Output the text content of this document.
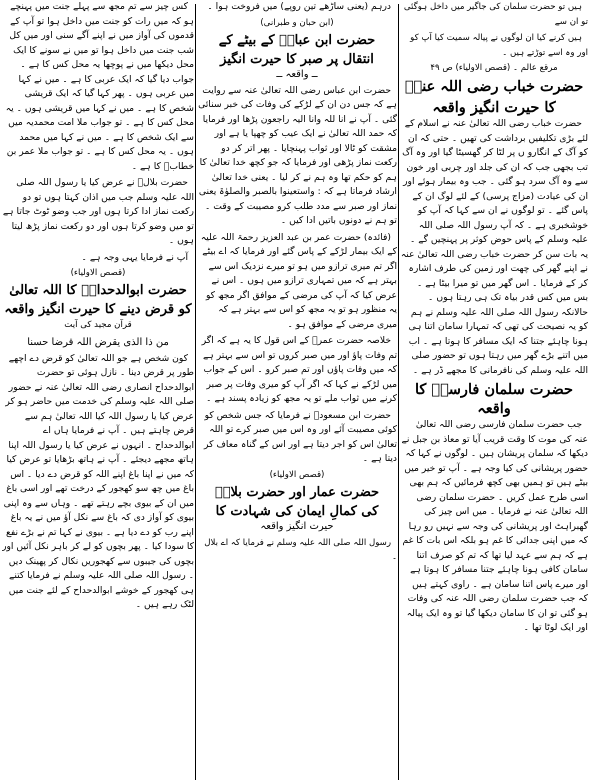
ہیں تو حضرت سلمان کی جاگیر میں داخل ہوگئی تو ان سے

ہیں کرنے کیا ان لوگوں نے پیالہ سمیت کیا آپ کو اور وہ اسے توڑتے ہیں ۔

مرقع عالم ۔ (قصص الاولیاء) ص ۴۹

حضرت خباب رضی اللہ عنہٗ
کا حیرت انگیز واقعہ

حضرت خباب رضی اللہ تعالیٰ عنہ نے اسلام کے لئے بڑی تکلیفیں برداشت کی تھیں ۔ حتی کہ ان کو آگ کے انگارو ں پر لٹا کر گھسیٹا گیا اور وہ آگ تب بجھی جب کہ ان کی جلد اور چربی اور خون سے وہ آگ سرد ہو گئی ۔ جب وہ بیمار ہوئے اور ان کی عیادت (مزاج پرسی) کے لئے لوگ ان کے پاس گئے ۔ تو لوگوں نے ان سے کہا کہ آپ کو خوشخبری ہے ۔ کہ آپ رسول اللہ صلی اللہ علیہ وسلم کے پاس حوض کوثر پر پہنچیں گے ۔ یہ بات سن کر حضرت خباب رضی اللہ تعالیٰ عنہ نے اپنے گھر کی چھت اور زمین کی طرف اشارہ کر کے فرمایا ۔ اس گھر میں تو میرا بیٹا ہے ۔ بس میں کس قدر بیاہ تک ہی رہتا ہوں ۔ حالانکہ رسول اللہ صلی اللہ علیہ وسلم نے ہم کو یہ نصیحت کی تھی کہ تمہارا سامان اتنا ہی ہونا چاہئے جتنا کہ ایک مسافر کا ہوتا ہے ۔ اب میں اتنے بڑے گھر میں رہتا ہوں تو حضور صلی اللہ علیہ وسلم کی نافرمانی کا مجھے ڈر ہے ۔

حضرت سلمان فارسیؓ کا واقعہ

جب حضرت سلمان فارسی رضی اللہ تعالیٰ عنہ کی موت کا وقت قریب آیا تو معاذ بن جبل نے دیکھا کہ سلمان پریشان ہیں ۔ لوگوں نے کہا کہ حضور پریشانی کی کیا وجہ ہے ۔ آپ تو خیر میں بیٹے ہیں تو ہمیں بھی کچھ فرمائیں کہ ہم بھی اسی طرح عمل کریں ۔ حضرت سلمان رضی اللہ تعالیٰ عنہ نے فرمایا ۔ میں اس چیز کی گھبراہٹ اور پریشانی کی وجہ سے نہیں رو رہا کہ میں اپنی جدائی کا غم ہو بلکہ اس بات کا غم ہے کہ ہم سے عہد لیا تھا کہ تم کو صرف اتنا سامان کافی ہونا چاہئے جتنا مسافر کا ہوتا ہے اور میرے پاس اتنا سامان ہے ۔ راوی کہتے ہیں کہ جب حضرت سلمان رضی اللہ عنہ کی وفات ہو گئی تو ان کا سامان دیکھا گیا تو وہ ایک پیالہ اور ایک لوٹا تھا ۔

درہم (یعنی ساڑھے تین روپے) میں فروخت ہوا ۔

(ابن حبان و طبرانی)

حضرت ابن عباسؓ کے بیٹے کے
انتقال پر صبر کا حیرت انگیز

ــ واقعہ ــ

حضرت ابن عباس رضی اللہ تعالیٰ عنہ سے روایت ہے کہ جس دن ان کے لڑکے کی وفات کی خبر سنائی گئی ۔ آپ نے انا للہ وانا الیہ راجعون پڑھا اور فرمایا کہ حمد اللہ تعالیٰ نے ایک عیب کو چھپا یا ہے اور مشقت کو ٹالا اور ثواب پہنچایا ۔ پھر اتر کر دو رکعت نماز پڑھی اور فرمایا کہ جو کچھ خدا تعالیٰ کا ہم کو حکم تھا وہ ہم نے کر لیا ۔ یعنی خدا تعالیٰ ارشاد فرماتا ہے کہ : واستعینوا بالصبر والصلوٰۃ یعنی نماز اور صبر سے مدد طلب کرو مصیبت کے وقت ۔ تو ہم نے دونوں باتیں ادا کیں ۔

(فائدہ) حضرت عمر بن عبد العزیز رحمۃ اللہ علیہ کے ایک بیمار لڑکے کے پاس گئے اور فرمایا کہ اے بیٹے اگر تم میری ترازو میں ہو تو میرے نزدیک اس سے بہتر ہے کہ میں تمہاری ترازو میں ہوں ۔ اس نے عرض کیا کہ آپ کی مرضی کے موافق اگر مجھ کو یہ منظور ہو تو یہ مجھ کو اس سے بہتر ہے کہ میری مرضی کے موافق ہو ۔

خلاصہ حضرت عمرؓ کے اس قول کا یہ ہے کہ اگر تم وفات پاؤ اور میں صبر کروں تو اس سے بہتر ہے کہ میں وفات پاؤں اور تم صبر کرو ۔ اس کے جواب میں لڑکے نے کہا کہ اگر آپ کو میری وفات پر صبر کرنے میں ثواب ملے تو یہ مجھ کو زیادہ پسند ہے ۔

حضرت ابن مسعودؓ نے فرمایا کہ جس شخص کو کوئی مصیبت آئے اور وہ اس میں صبر کرے تو اللہ تعالیٰ اس کو اجر دیتا ہے اور اس کے گناہ معاف کر دیتا ہے ۔

(قصص الاولیاء)

حضرت عمار اور حضرت بلالؓ
کی کمالِ ایمان کی شہادت کا

حیرت انگیز واقعہ

رسول اللہ صلی اللہ علیہ وسلم نے فرمایا کہ اے بلال ۔

کس چیز سے تم مجھ سے پہلے جنت میں پہنچے ہو کہ میں رات کو جنت میں داخل ہوا تو آپ کے قدموں کی آواز میں نے اپنے آگے سنی اور میں کل شب جنت میں داخل ہوا تو میں نے سونے کا ایک محل دیکھا میں نے پوچھا یہ محل کس کا ہے ۔ جواب دیا گیا کہ ایک عربی کا ہے ۔ میں نے کہا میں عربی ہوں ۔ پھر کہا گیا کہ ایک قریشی شخص کا ہے ۔ میں نے کہا میں قریشی ہوں ۔ یہ محل کس کا ہے ۔ تو جواب ملا امت محمدیہ میں سے ایک شخص کا ہے ۔ میں نے کہا میں محمد ہوں ۔ یہ محل کس کا ہے ۔ تو جواب ملا عمر بن خطابؓ کا ہے ۔

حضرت بلالؓ نے عرض کیا یا رسول اللہ صلی اللہ علیہ وسلم جب میں اذان کہتا ہوں تو دو رکعت نماز ادا کرتا ہوں اور جب وضو ٹوٹ جاتا ہے تو میں وضو کرتا ہوں اور دو رکعت نماز پڑھ لیتا ہوں ۔

آپ نے فرمایا یہی وجہ ہے ۔

(قصص الاولیاء)

حضرت ابوالدحداحؓ کا اللہ تعالیٰ
کو قرض دینے کا حیرت انگیز واقعہ

قرآن مجید کی آیت

من ذا الذی یقرض اللہ قرضا حسنا

کون شخص ہے جو اللہ تعالیٰ کو قرض دے اچھے طور پر قرض دینا ۔ نازل ہوئی تو حضرت ابوالدحداح انصاری رضی اللہ تعالیٰ عنہ نے حضور صلی اللہ علیہ وسلم کی خدمت میں حاضر ہو کر عرض کیا یا رسول اللہ کیا اللہ تعالیٰ ہم سے قرض چاہتے ہیں ۔ آپ نے فرمایا ہاں اے ابوالدحداح ۔ انہوں نے عرض کیا یا رسول اللہ اپنا ہاتھ مجھے دیجئے ۔ آپ نے ہاتھ بڑھایا تو عرض کیا کہ میں نے اپنا باغ اپنے اللہ کو قرض دے دیا ۔ اس باغ میں چھ سو کھجور کے درخت تھے اور اسی باغ میں ان کے بیوی بچے رہتے تھے ۔ وہاں سے وہ اپنی بیوی کو آواز دی کہ باغ سے نکل آؤ میں نے یہ باغ اپنے رب کو دے دیا ہے ۔ بیوی نے کہا تم نے بڑے نفع کا سودا کیا ۔ پھر بچوں کو لے کر باہر نکل آئیں اور بچوں کی جیبوں سے کھجوریں نکال کر پھینک دیں ۔ رسول اللہ صلی اللہ علیہ وسلم نے فرمایا کتنے ہی کھجور کے خوشے ابوالدحداح کے لئے جنت میں لٹک رہے ہیں ۔
